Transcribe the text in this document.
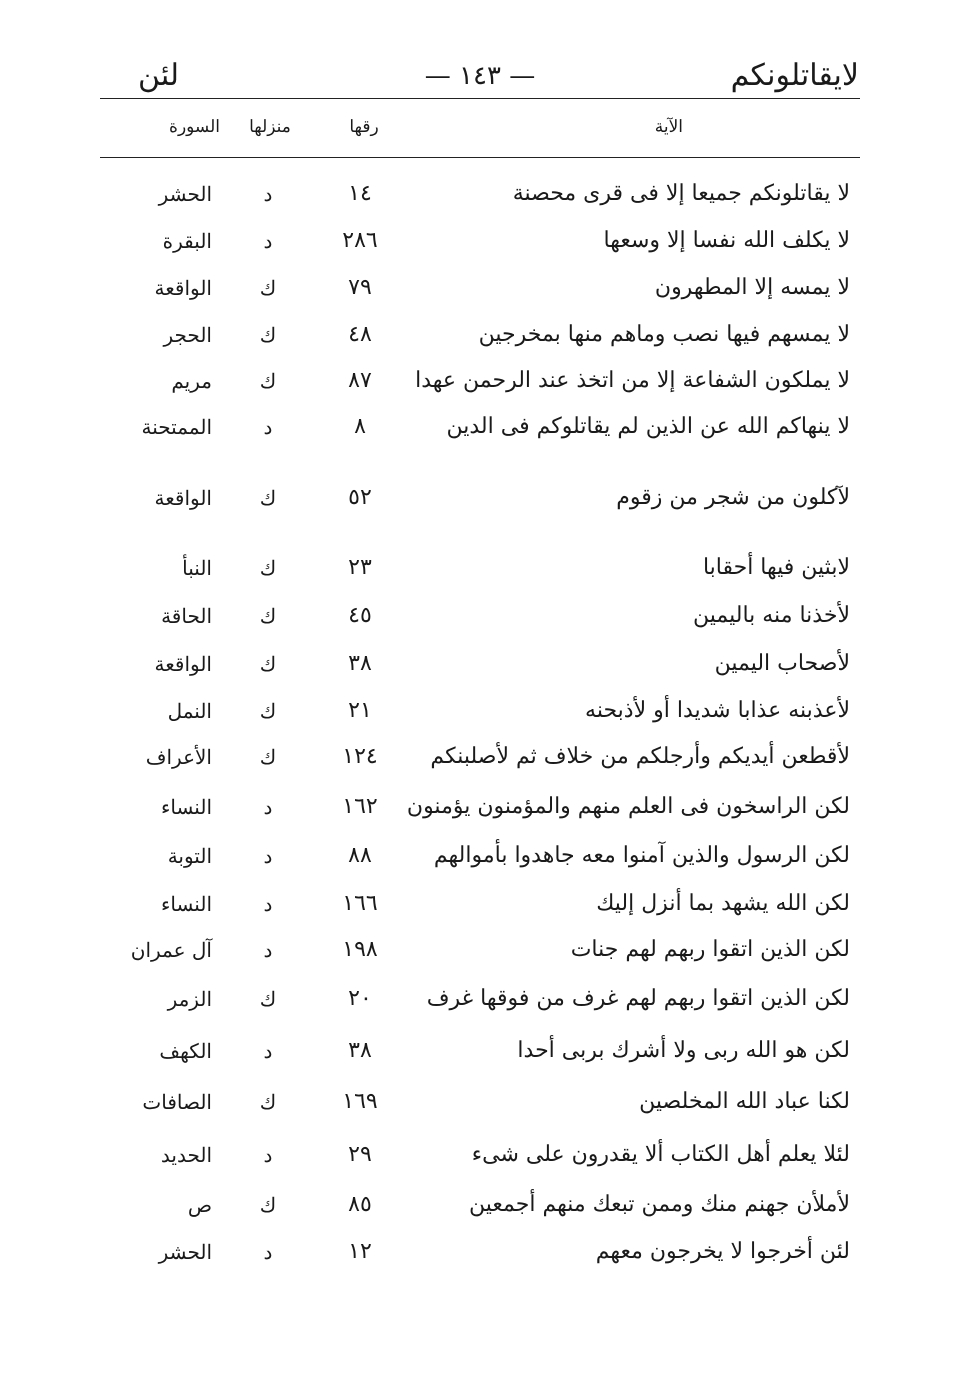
لايقاتلونكم
— ١٤٣ —
لئن
الآية
رقها
منزلها
السورة
لا يقاتلونكم جميعا إلا فى قرى محصنة
١٤
د
الحشر
لا يكلف الله نفسا إلا وسعها
٢٨٦
د
البقرة
لا يمسه إلا المطهرون
٧٩
ك
الواقعة
لا يمسهم فيها نصب وماهم منها بمخرجين
٤٨
ك
الحجر
لا يملكون الشفاعة إلا من اتخذ عند الرحمن عهدا
٨٧
ك
مريم
لا ينهاكم الله عن الذين لم يقاتلوكم فى الدين
٨
د
الممتحنة
لآكلون من شجر من زقوم
٥٢
ك
الواقعة
لابثين فيها أحقابا
٢٣
ك
النبأ
لأخذنا منه باليمين
٤٥
ك
الحاقة
لأصحاب اليمين
٣٨
ك
الواقعة
لأعذبنه عذابا شديدا أو لأذبحنه
٢١
ك
النمل
لأقطعن أيديكم وأرجلكم من خلاف ثم لأصلبنكم
١٢٤
ك
الأعراف
لكن الراسخون فى العلم منهم والمؤمنون يؤمنون
١٦٢
د
النساء
لكن الرسول والذين آمنوا معه جاهدوا بأموالهم
٨٨
د
التوبة
لكن الله يشهد بما أنزل إليك
١٦٦
د
النساء
لكن الذين اتقوا ربهم لهم جنات
١٩٨
د
آل عمران
لكن الذين اتقوا ربهم لهم غرف من فوقها غرف
٢٠
ك
الزمر
لكن هو الله ربى ولا أشرك بربى أحدا
٣٨
د
الكهف
لكنا عباد الله المخلصين
١٦٩
ك
الصافات
لئلا يعلم أهل الكتاب ألا يقدرون على شىء
٢٩
د
الحديد
لأملأن جهنم منك وممن تبعك منهم أجمعين
٨٥
ك
ص
لئن أخرجوا لا يخرجون معهم
١٢
د
الحشر
